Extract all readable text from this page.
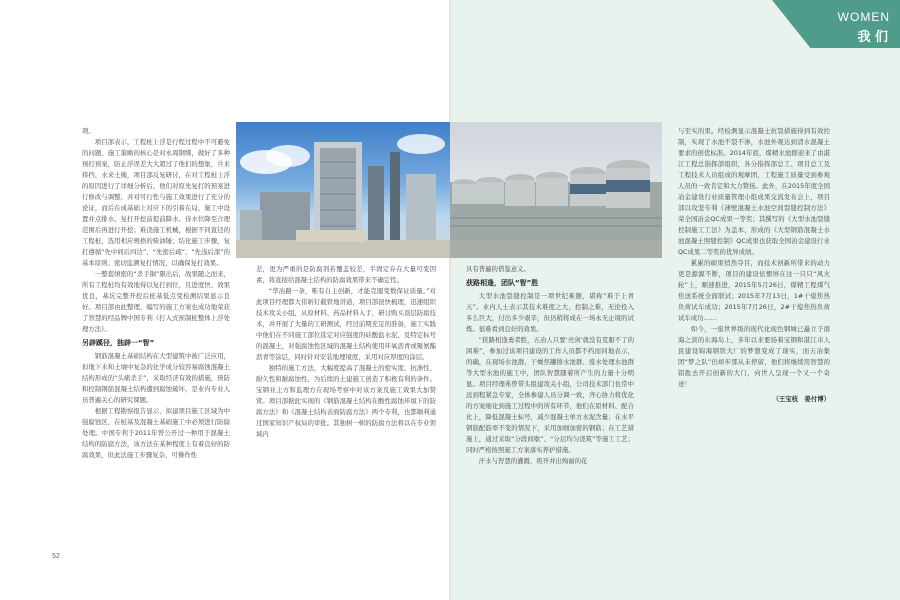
WOMEN
我 们

项。

项目部表示，工程桩上浮是行程过程中不可避免的问题，施工策略的核心是对永周钢绑，做好了多种预打预案，防止浮误差大大超过了他们的想象，兵来将挡，水来土掩，项目部反复研讨，在对工程桩上浮的原因进行了详细分析后，他们对原先复打的预案进行修改与调整，并对可行性与施工效果进行了充分的论证，而后在成基础上对应下的引着在局，施工中设置并点排水、复打开挖前提前降水、待水位降至合理范围后再进行开挖；难浇施工机械，根据不同直径的工程桩，选用相应规格的柴油锤；结化施工步骤，复打遵循“先中间后四边”、“先密后疏”、“先浅后深”的基本原则；密切监测复打情况，以确保复打效果。

一整套缜密的“杀手锏”限出后，战果随之而来，所有工程桩均有效地得以复打到位，且进度快、效果优良，基坑完整开挖后桩基低点变检测结果显示良好。项目部由此整理、编写的施工方案也成功地荣获了智慧的经品牌中国专利《打入式预制桩整体上浮处理方法》。

另辟蹊径，独辟一“智”

钢筋混凝土基础结构在大型建筑中被广泛应用，但地下水和土壤中复杂的化学成分较容易腐蚀混凝土结构形成的“头痛杀手”，采取经济有效的措施，预防和控制钢筋混凝土结构遭到腐蚀破坏，是业内专业人员普遍关心的研究课题。

根据工程勘察报告显示，拟建项目施工区域为中强腐蚀区，在桩基及混凝土基础施工中必须进行防腐处理。中国专利于2011年曾公开过一种用于混凝土结构的防腐方法，该方法在某种程度上有着良好的防腐效果，但此法施工步骤复杂，可操作性

差，更为严重的是防腐剂若覆盖较差，半固定存在大量可变因素，将直接给混凝土结构的防腐效果带来不确定性。

“华冶路一条，唯有自主创新，才能克服变数保证质量。”对此项目经理都大伟斩钉截铁地讲道，项目部很快梳理，迅速组织技术攻关小组，从原材料、药品材料入手，研讨购买顶层防腐技术，并开展了大量的工研测试，经过前期充足的准备，施工实践中他们在不同施工部位选定对应强度的硅酸盐水泥，及特定标号的混凝土，对强腐蚀性区域的混凝土结构使用环氧沥青或聚氨酯沥青等涂层，同时针对安装地理境度，采用对应厚度的涂层。

独特的施工方法，大幅度提高了混凝土的密实度、抗渗性、耐久性和耐腐蚀性，为后续的土建施工创造了积极有利的条件。宝钢业主方和监理方在现场考察中对该方案及施工效果大加赞赏。项目部据此实现的《钢筋混凝土结构在酸性腐蚀环境下的防腐方法》和《混凝土结构表面防腐方法》两个专利，也都顺利通过国家知识产权局的审批。其独树一帜的防腐方法将以在专业领域内

具有普遍的借鉴意义。

获路相逢，团队“智”胜

大型水池裂缝控制是一项世纪难题，堪称“难于上青天”。业内人士表示其技术难度之大，控制之难，无论投入多么巨大，付出多少艰辛，但仍稍将成在一场永无止境的试炼。很难看到良好的效果。

“狭路相逢勇者胜，五冶人只要‘亮剑’就没有克服不了的困难”，参加过该项目建设的工作人员都不约而同地表示，的确，在现场水池群、干燥焦罐排水池群、废水处理水池群等大型水池的施工中，团队智慧随着所产生的力量十分明显。项目经理弗曾带头组建攻关小组，公司技术部门也常中远到程紧急专家，全体参建人员分调一致，齐心协力将优化的方案细化到施工过程中的所有环节，他们在原材料、配合比上，降低混凝土标号，减少混凝土单方水泥含量；在水平钢筋配筋率不变的情况下，采用加细加密的钢筋；在工艺措施上，通过采取“分段间歇”、“分层均匀浇筑”等施工工艺；同时严格按照施工方案落实养护措施。

汗水与智慧的灌溉，将开并出绚丽的花

与至实的果。经检测显示混凝土抗裂措施得到有效控制，实现了水池不裂不渗，水池外观达到清水混凝土要求的创优标准。2014年底，煤精水池群迎来了由湛江工程总指挥部组织，各分指挥部总工、项目总工及工程技术人员组成的观摩团，工程施工质量受到参观人员的一致肯定和大力赞扬。此外，在2015年度全国冶金建设行业质量管理小组成果交流发布会上，项目部以攻坚专利《薄壁混凝土水池空间裂缝控制方法》荣全国冶金QC成果一等奖；其撰写的《大型水池裂缝控制施工工法》为盖本、形成的《大型钢筋混凝土水池混凝土照缝控制》QC成果也获取全国冶金建设行业QC成果二等奖的优异成绩。

累累的硕果悄然夺目，而技术创新所带来的动力更是源源不断，项目的建设依惯屏在这一只只“风火轮”上，顺速推进，2015年5月26日，煤精工程煤气焦送系统全面联试；2015年7月13日，1#干熄焦热负荷试车成功；2015年7月26日，2#干熄焦热负荷试车成功……

如今，一座世界级的现代化现色钢城已矗立于南海之滨的东海岛上，多年以来要扬着宝钢和湛江市人民建设锦海钢铁大厂的梦想变成了现实，而五冶集团“梦之队”仍却步那从未停留，他们将继续用智慧的铝匙去开启创新的大门，向世人呈现一个又一个奇迹！

（王宝枝　姜付博）

52
